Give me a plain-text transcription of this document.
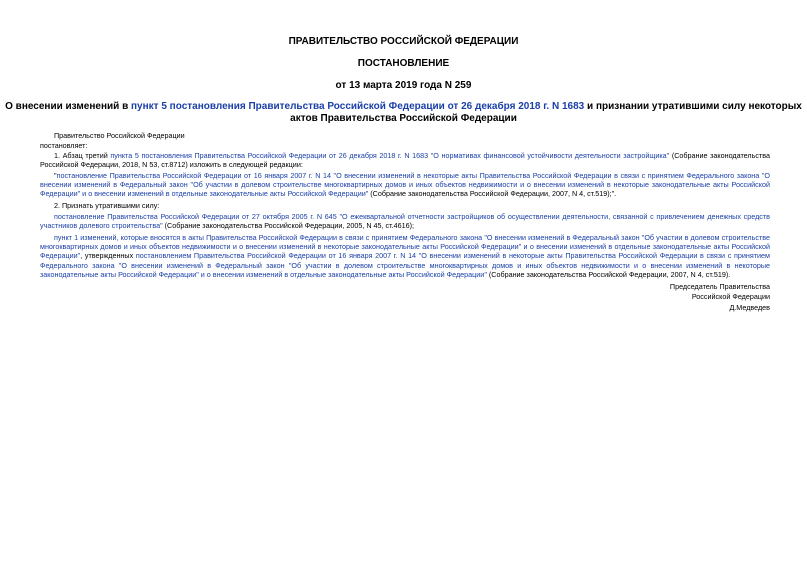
ПРАВИТЕЛЬСТВО РОССИЙСКОЙ ФЕДЕРАЦИИ
ПОСТАНОВЛЕНИЕ
от 13 марта 2019 года N 259
О внесении изменений в пункт 5 постановления Правительства Российской Федерации от 26 декабря 2018 г. N 1683 и признании утратившими силу некоторых
актов Правительства Российской Федерации
Правительство Российской Федерации
постановляет:
1. Абзац третий пункта 5 постановления Правительства Российской Федерации от 26 декабря 2018 г. N 1683 "О нормативах финансовой устойчивости деятельности застройщика" (Собрание законодательства Российской Федерации, 2018, N 53, ст.8712) изложить в следующей редакции:
"постановление Правительства Российской Федерации от 16 января 2007 г. N 14 "О внесении изменений в некоторые акты Правительства Российской Федерации в связи с принятием Федерального закона "О внесении изменений в Федеральный закон "Об участии в долевом строительстве многоквартирных домов и иных объектов недвижимости и о внесении изменений в некоторые законодательные акты Российской Федерации" и о внесении изменений в отдельные законодательные акты Российской Федерации" (Собрание законодательства Российской Федерации, 2007, N 4, ст.519);".
2. Признать утратившими силу:
постановление Правительства Российской Федерации от 27 октября 2005 г. N 645 "О ежеквартальной отчетности застройщиков об осуществлении деятельности, связанной с привлечением денежных средств участников долевого строительства" (Собрание законодательства Российской Федерации, 2005, N 45, ст.4616);
пункт 1 изменений, которые вносятся в акты Правительства Российской Федерации в связи с принятием Федерального закона "О внесении изменений в Федеральный закон "Об участии в долевом строительстве многоквартирных домов и иных объектов недвижимости и о внесении изменений в некоторые законодательные акты Российской Федерации" и о внесении изменений в отдельные законодательные акты Российской Федерации", утвержденных постановлением Правительства Российской Федерации от 16 января 2007 г. N 14 "О внесении изменений в некоторые акты Правительства Российской Федерации в связи с принятием Федерального закона "О внесении изменений в Федеральный закон "Об участии в долевом строительстве многоквартирных домов и иных объектов недвижимости и о внесении изменений в некоторые законодательные акты Российской Федерации" и о внесении изменений в отдельные законодательные акты Российской Федерации" (Собрание законодательства Российской Федерации, 2007, N 4, ст.519).
Председатель Правительства
Российской Федерации
Д.Медведев
